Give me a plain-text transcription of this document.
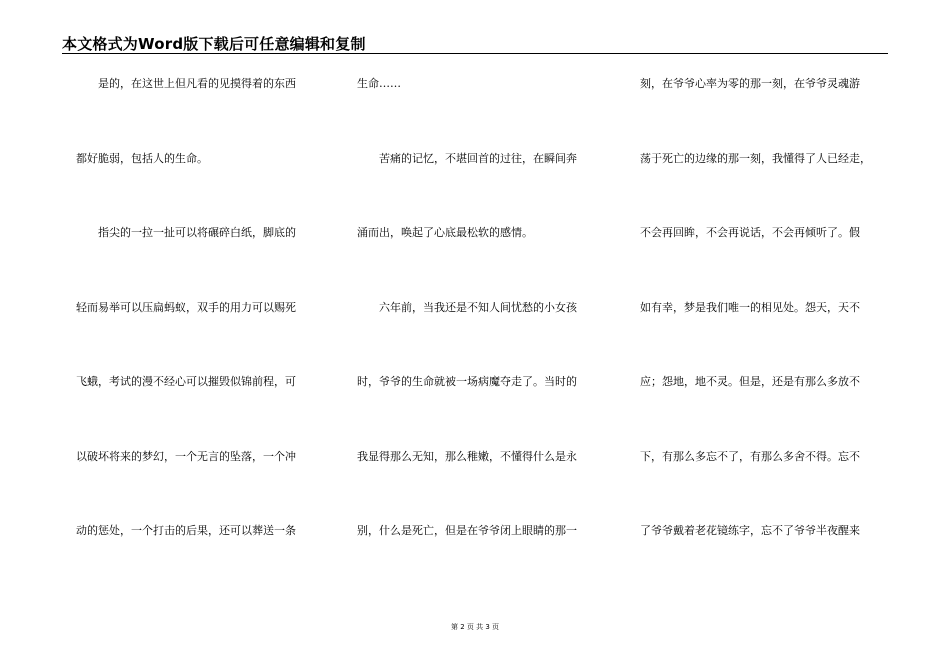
本文格式为Word版下载后可任意编辑和复制
　　是的，在这世上但凡看的见摸得着的东西
都好脆弱，包括人的生命。
　　指尖的一拉一扯可以将碾碎白纸，脚底的
轻而易举可以压扁蚂蚁，双手的用力可以赐死
飞蛾，考试的漫不经心可以摧毁似锦前程，可
以破坏将来的梦幻，一个无言的坠落，一个冲
动的惩处，一个打击的后果，还可以葬送一条
生命……
　　苦痛的记忆，不堪回首的过往，在瞬间奔
涌而出，唤起了心底最松软的感情。
　　六年前，当我还是不知人间忧愁的小女孩
时，爷爷的生命就被一场病魔夺走了。当时的
我显得那么无知，那么稚嫩，不懂得什么是永
别，什么是死亡，但是在爷爷闭上眼睛的那一
刻，在爷爷心率为零的那一刻，在爷爷灵魂游
荡于死亡的边缘的那一刻，我懂得了人已经走，
不会再回眸，不会再说话，不会再倾听了。假
如有幸，梦是我们唯一的相见处。怨天，天不
应；怨地，地不灵。但是，还是有那么多放不
下，有那么多忘不了，有那么多舍不得。忘不
了爷爷戴着老花镜练字，忘不了爷爷半夜醒来
第 2 页 共 3 页
